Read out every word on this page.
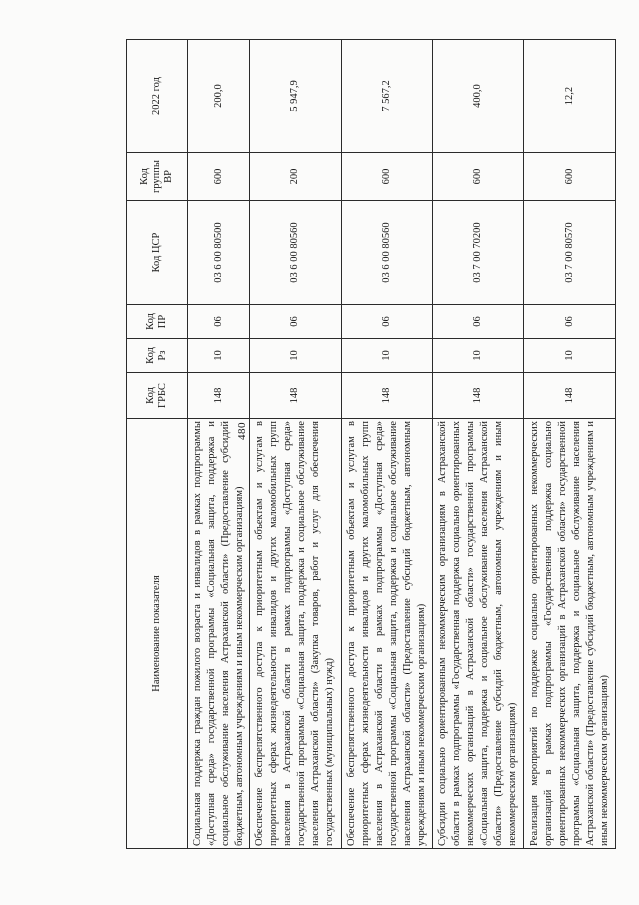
480
Наименование показателя	Код ГРБС	Код Рз	Код ПР	Код ЦСР	Код группы ВР	2022 год
Социальная поддержка граждан пожилого возраста и инвалидов в рамках подпрограммы «Доступная среда» государственной программы «Социальная защита, поддержка и социальное обслуживание населения Астраханской области» (Предоставление субсидий бюджетным, автономным учреждениям и иным некоммерческим организациям)	148	10	06	03 6 00 80500	600	200,0
Обеспечение беспрепятственного доступа к приоритетным объектам и услугам в приоритетных сферах жизнедеятельности инвалидов и других маломобильных групп населения в Астраханской области в рамках подпрограммы «Доступная среда» государственной программы «Социальная защита, поддержка и социальное обслуживание населения Астраханской области» (Закупка товаров, работ и услуг для обеспечения государственных (муниципальных) нужд)	148	10	06	03 6 00 80560	200	5 947,9
Обеспечение беспрепятственного доступа к приоритетным объектам и услугам в приоритетных сферах жизнедеятельности инвалидов и других маломобильных групп населения в Астраханской области в рамках подпрограммы «Доступная среда» государственной программы «Социальная защита, поддержка и социальное обслуживание населения Астраханской области» (Предоставление субсидий бюджетным, автономным учреждениям и иным некоммерческим организациям)	148	10	06	03 6 00 80560	600	7 567,2
Субсидии социально ориентированным некоммерческим организациям в Астраханской области в рамках подпрограммы «Государственная поддержка социально ориентированных некоммерческих организаций в Астраханской области» государственной программы «Социальная защита, поддержка и социальное обслуживание населения Астраханской области» (Предоставление субсидий бюджетным, автономным учреждениям и иным некоммерческим организациям)	148	10	06	03 7 00 70200	600	400,0
Реализация мероприятий по поддержке социально ориентированных некоммерческих организаций в рамках подпрограммы «Государственная поддержка социально ориентированных некоммерческих организаций в Астраханской области» государственной программы «Социальная защита, поддержка и социальное обслуживание населения Астраханской области» (Предоставление субсидий бюджетным, автономным учреждениям и иным некоммерческим организациям)	148	10	06	03 7 00 80570	600	12,2
